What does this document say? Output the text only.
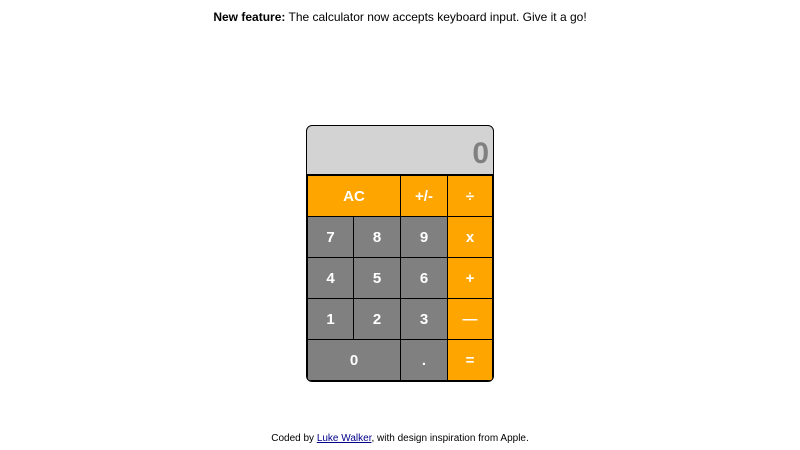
New feature: The calculator now accepts keyboard input. Give it a go!
0
AC	+/-	÷
7	8	9	x
4	5	6	+
1	2	3	—
0	.	=
Coded by Luke Walker, with design inspiration from Apple.
